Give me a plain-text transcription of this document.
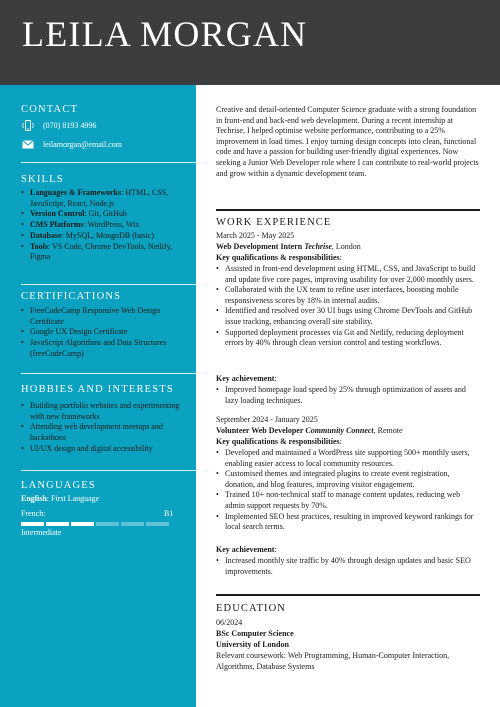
LEILA MORGAN
CONTACT
(070) 8193 4996
leilamorgan@email.com
SKILLS
• Languages & Frameworks: HTML, CSS, JavaScript, React, Node.js
• Version Control: Git, GitHub
• CMS Platforms: WordPress, Wix
• Database: MySQL, MongoDB (basic)
• Tools: VS Code, Chrome DevTools, Netlify, Figma
CERTIFICATIONS
• FreeCodeCamp Responsive Web Design Certificate
• Google UX Design Certificate
• JavaScript Algorithms and Data Structures (freeCodeCamp)
HOBBIES AND INTERESTS
• Building portfolio websites and experimenting with new frameworks
• Attending web development meetups and hackathons
• UI/UX design and digital accessibility
LANGUAGES
English: First Language
French:	B1
Intermediate
Creative and detail-oriented Computer Science graduate with a strong foundation in front-end and back-end web development. During a recent internship at Techrise, I helped optimise website performance, contributing to a 25% improvement in load times. I enjoy turning design concepts into clean, functional code and have a passion for building user-friendly digital experiences. Now seeking a Junior Web Developer role where I can contribute to real-world projects and grow within a dynamic development team.
WORK EXPERIENCE
March 2025 - May 2025
Web Development Intern Techrise, London
Key qualifications & responsibilities:
• Assisted in front-end development using HTML, CSS, and JavaScript to build and update five core pages, improving usability for over 2,000 monthly users.
• Collaborated with the UX team to refine user interfaces, boosting mobile responsiveness scores by 18% in internal audits.
• Identified and resolved over 30 UI bugs using Chrome DevTools and GitHub issue tracking, enhancing overall site stability.
• Supported deployment processes via Git and Netlify, reducing deployment errors by 40% through clean version control and testing workflows.
Key achievement:
• Improved homepage load speed by 25% through optimization of assets and lazy loading techniques.
September 2024 - January 2025
Volunteer Web Developer Community Connect, Remote
Key qualifications & responsibilities:
• Developed and maintained a WordPress site supporting 500+ monthly users, enabling easier access to local community resources.
• Customised themes and integrated plugins to create event registration, donation, and blog features, improving visitor engagement.
• Trained 10+ non-technical staff to manage content updates, reducing web admin support requests by 70%.
• Implemented SEO best practices, resulting in improved keyword rankings for local search terms.
Key achievement:
• Increased monthly site traffic by 40% through design updates and basic SEO improvements.
EDUCATION
06/2024
BSc Computer Science
University of London
Relevant coursework: Web Programming, Human-Computer Interaction, Algorithms, Database Systems
